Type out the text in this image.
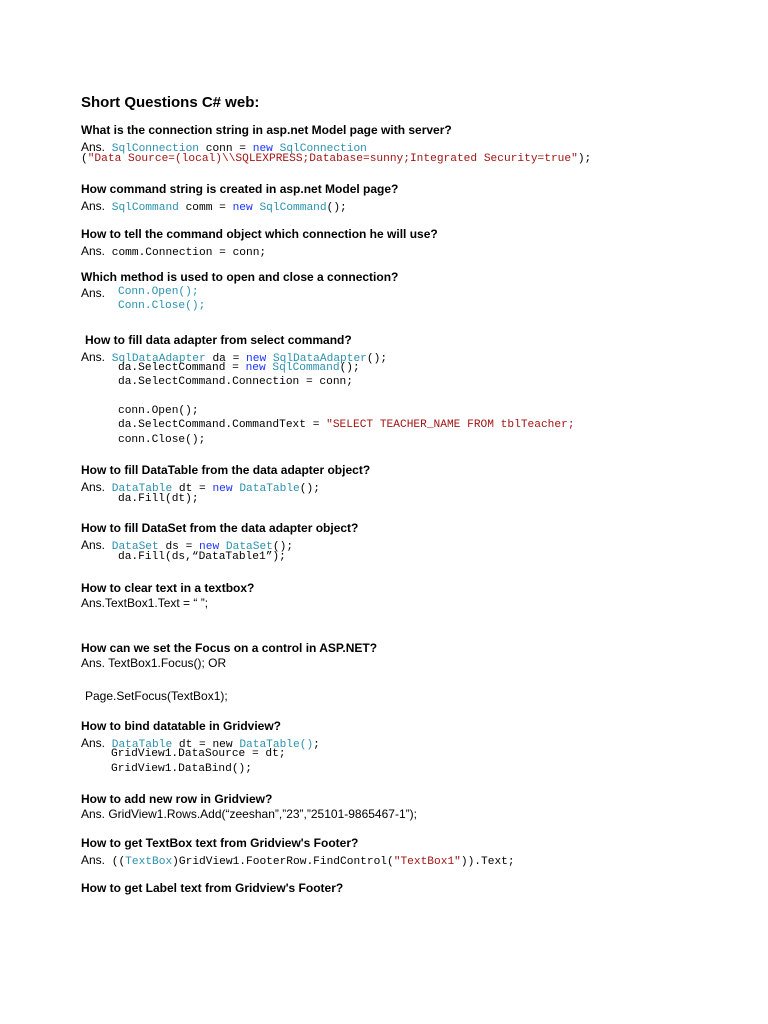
Short Questions C# web:
What is the connection string in asp.net Model page with server?
Ans. SqlConnection conn = new SqlConnection
("Data Source=(local)\\SQLEXPRESS;Database=sunny;Integrated Security=true");
How command string is created in asp.net Model page?
Ans. SqlCommand comm = new SqlCommand();
How to tell the command object which connection he will use?
Ans. comm.Connection = conn;
Which method is used to open and close a connection?
Ans. Conn.Open();
Conn.Close();
How to fill data adapter from select command?
Ans. SqlDataAdapter da = new SqlDataAdapter();
da.SelectCommand = new SqlCommand();
da.SelectCommand.Connection = conn;
conn.Open();
da.SelectCommand.CommandText = "SELECT TEACHER_NAME FROM tblTeacher;
conn.Close();
How to fill DataTable from the data adapter object?
Ans. DataTable dt = new DataTable();
da.Fill(dt);
How to fill DataSet from the data adapter object?
Ans. DataSet ds = new DataSet();
da.Fill(ds,“DataTable1”);
How to clear text in a textbox?
Ans.TextBox1.Text = “ ”;
How can we set the Focus on a control in ASP.NET?
Ans. TextBox1.Focus(); OR
Page.SetFocus(TextBox1);
How to bind datatable in Gridview?
Ans. DataTable dt = new DataTable();
GridView1.DataSource = dt;
GridView1.DataBind();
How to add new row in Gridview?
Ans. GridView1.Rows.Add(“zeeshan”,”23”,”25101-9865467-1”);
How to get TextBox text from Gridview's Footer?
Ans. ((TextBox)GridView1.FooterRow.FindControl("TextBox1")).Text;
How to get Label text from Gridview's Footer?
